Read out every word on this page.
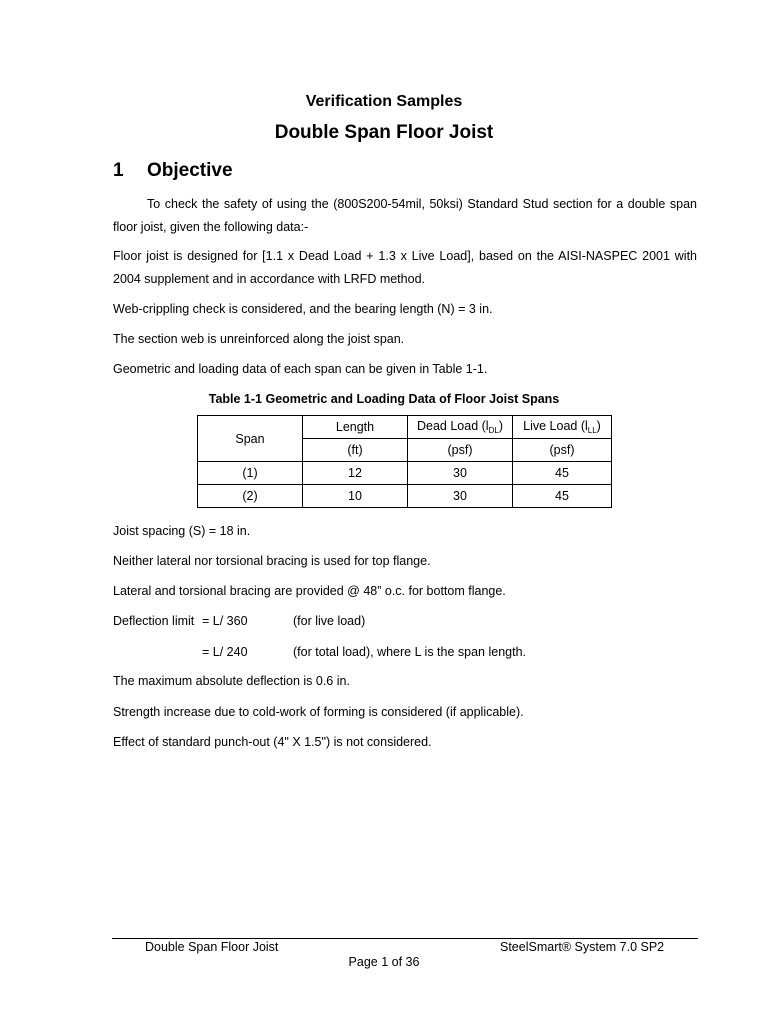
Verification Samples
Double Span Floor Joist
1 Objective
To check the safety of using the (800S200-54mil, 50ksi) Standard Stud section for a double span floor joist, given the following data:-
Floor joist is designed for [1.1 x Dead Load + 1.3 x Live Load], based on the AISI-NASPEC 2001 with 2004 supplement and in accordance with LRFD method.
Web-crippling check is considered, and the bearing length (N) = 3 in.
The section web is unreinforced along the joist span.
Geometric and loading data of each span can be given in Table 1-1.
Table 1-1 Geometric and Loading Data of Floor Joist Spans
Span	Length	Dead Load $(l_{DL})$	Live Load $(l_{LL})$
	(ft)	(psf)	(psf)
(1)	12	30	45
(2)	10	30	45
Joist spacing (S) = 18 in.
Neither lateral nor torsional bracing is used for top flange.
Lateral and torsional bracing are provided @ 48” o.c. for bottom flange.
Deflection limit = L/ 360	(for live load)
= L/ 240	(for total load), where L is the span length.
The maximum absolute deflection is 0.6 in.
Strength increase due to cold-work of forming is considered (if applicable).
Effect of standard punch-out (4" X 1.5") is not considered.
Double Span Floor Joist	SteelSmart® System 7.0 SP2
Page 1 of 36
